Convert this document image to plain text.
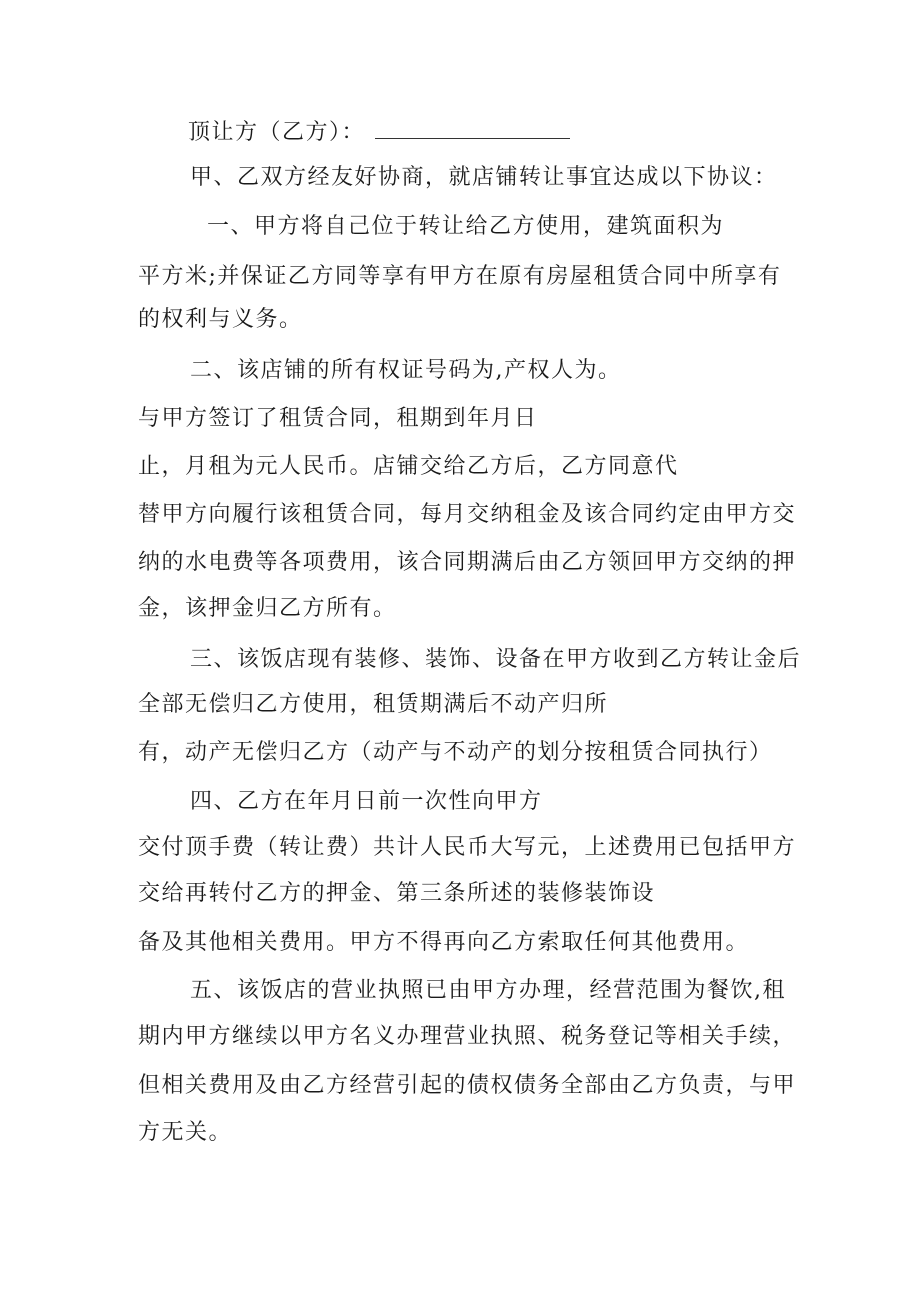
顶让方（乙方）：
甲、乙双方经友好协商，就店铺转让事宜达成以下协议：
一、甲方将自己位于转让给乙方使用，建筑面积为
平方米;并保证乙方同等享有甲方在原有房屋租赁合同中所享有
的权利与义务。
二、该店铺的所有权证号码为,产权人为。
与甲方签订了租赁合同，租期到年月日
止，月租为元人民币。店铺交给乙方后，乙方同意代
替甲方向履行该租赁合同，每月交纳租金及该合同约定由甲方交
纳的水电费等各项费用，该合同期满后由乙方领回甲方交纳的押
金，该押金归乙方所有。
三、该饭店现有装修、装饰、设备在甲方收到乙方转让金后
全部无偿归乙方使用，租赁期满后不动产归所
有，动产无偿归乙方（动产与不动产的划分按租赁合同执行）
四、乙方在年月日前一次性向甲方
交付顶手费（转让费）共计人民币大写元，上述费用已包括甲方
交给再转付乙方的押金、第三条所述的装修装饰设
备及其他相关费用。甲方不得再向乙方索取任何其他费用。
五、该饭店的营业执照已由甲方办理，经营范围为餐饮,租
期内甲方继续以甲方名义办理营业执照、税务登记等相关手续，
但相关费用及由乙方经营引起的债权债务全部由乙方负责，与甲
方无关。
